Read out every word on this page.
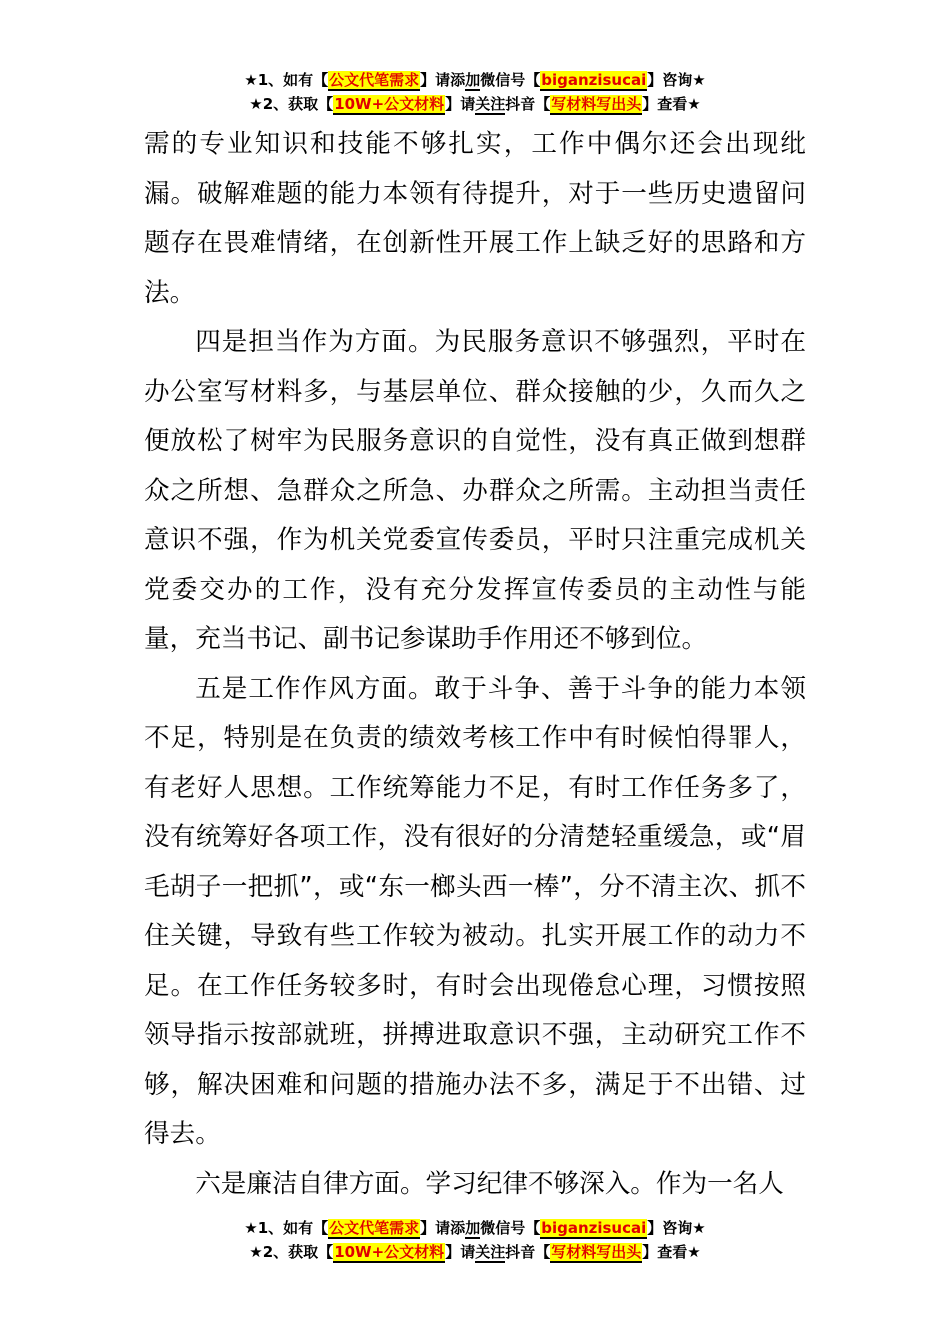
★1、如有【公文代笔需求】请添加微信号【biganzisucai】咨询★
★2、获取【10W+公文材料】请关注抖音【写材料写出头】查看★

需的专业知识和技能不够扎实，工作中偶尔还会出现纰漏。破解难题的能力本领有待提升，对于一些历史遗留问题存在畏难情绪，在创新性开展工作上缺乏好的思路和方法。

四是担当作为方面。为民服务意识不够强烈，平时在办公室写材料多，与基层单位、群众接触的少，久而久之便放松了树牢为民服务意识的自觉性，没有真正做到想群众之所想、急群众之所急、办群众之所需。主动担当责任意识不强，作为机关党委宣传委员，平时只注重完成机关党委交办的工作，没有充分发挥宣传委员的主动性与能量，充当书记、副书记参谋助手作用还不够到位。

五是工作作风方面。敢于斗争、善于斗争的能力本领不足，特别是在负责的绩效考核工作中有时候怕得罪人，有老好人思想。工作统筹能力不足，有时工作任务多了，没有统筹好各项工作，没有很好的分清楚轻重缓急，或“眉毛胡子一把抓”，或“东一榔头西一棒”，分不清主次、抓不住关键，导致有些工作较为被动。扎实开展工作的动力不足。在工作任务较多时，有时会出现倦怠心理，习惯按照领导指示按部就班，拼搏进取意识不强，主动研究工作不够，解决困难和问题的措施办法不多，满足于不出错、过得去。

六是廉洁自律方面。学习纪律不够深入。作为一名人

★1、如有【公文代笔需求】请添加微信号【biganzisucai】咨询★
★2、获取【10W+公文材料】请关注抖音【写材料写出头】查看★
